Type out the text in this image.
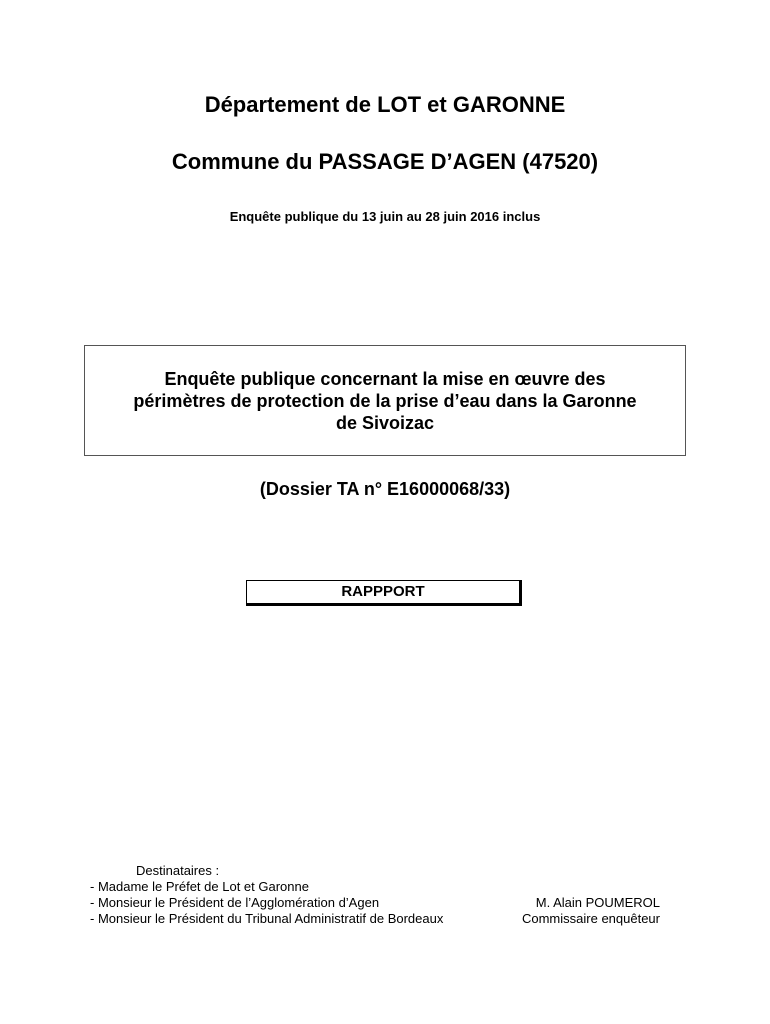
Département de LOT et GARONNE
Commune du PASSAGE D’AGEN (47520)
Enquête publique du 13 juin au 28 juin 2016 inclus
Enquête publique concernant la mise en œuvre des
périmètres de protection de la prise d’eau dans la Garonne
de Sivoizac
(Dossier TA n° E16000068/33)
RAPPPORT
Destinataires :
- Madame le Préfet de Lot et Garonne
- Monsieur le Président de l’Agglomération d’Agen
- Monsieur le Président du Tribunal Administratif de Bordeaux
M. Alain POUMEROL
Commissaire enquêteur
